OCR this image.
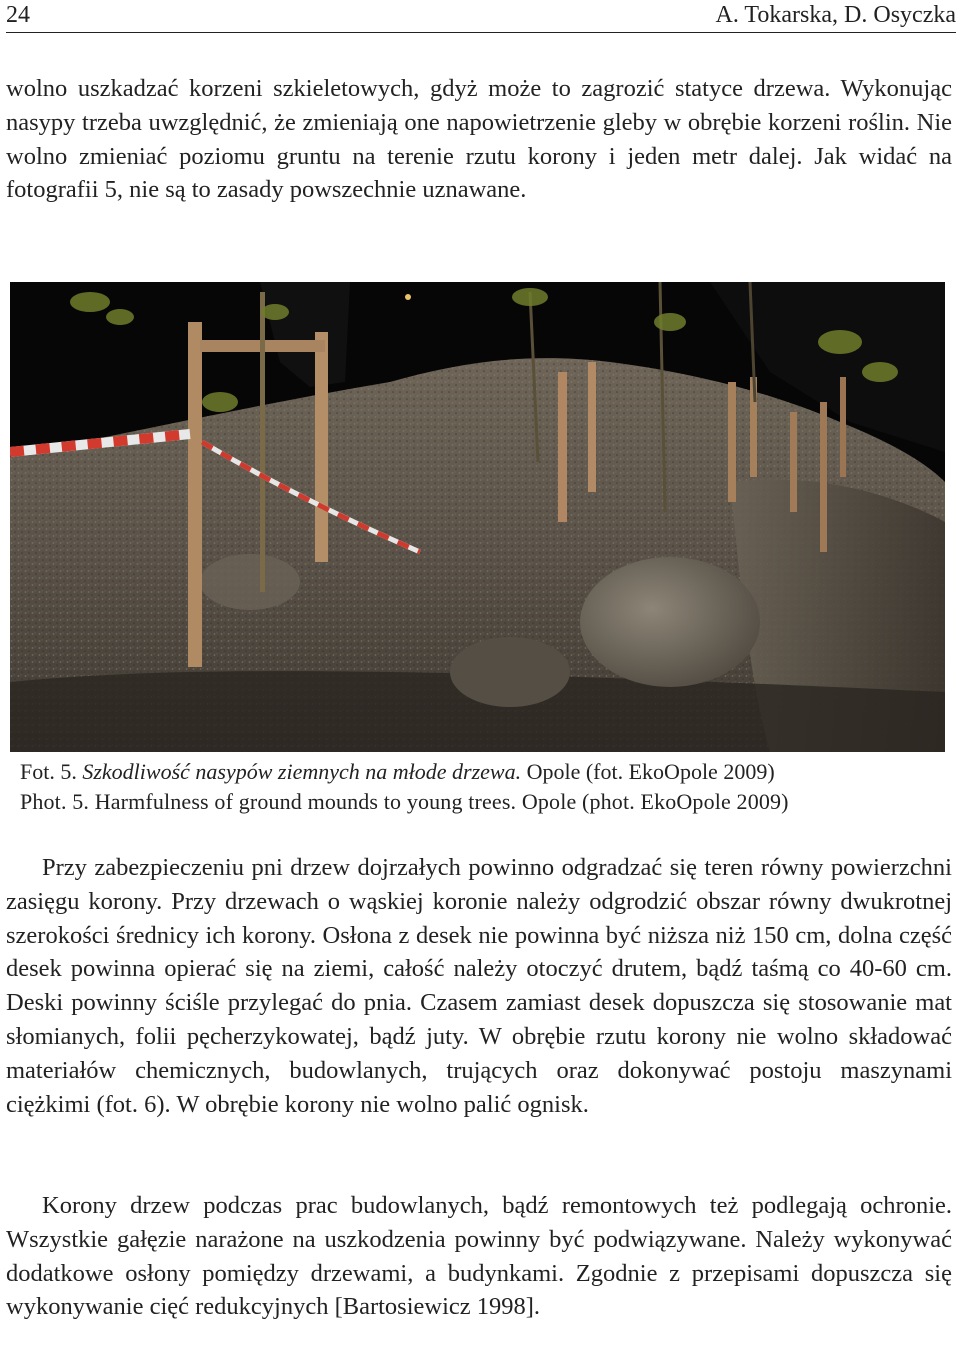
24	A. Tokarska, D. Osyczka

wolno uszkadzać korzeni szkieletowych, gdyż może to zagrozić statyce drzewa. Wykonując nasypy trzeba uwzględnić, że zmieniają one napowietrzenie gleby w obrębie korzeni roślin. Nie wolno zmieniać poziomu gruntu na terenie rzutu korony i jeden metr dalej. Jak widać na fotografii 5, nie są to zasady powszechnie uznawane.

Fot. 5. Szkodliwość nasypów ziemnych na młode drzewa. Opole (fot. EkoOpole 2009)
Phot. 5. Harmfulness of ground mounds to young trees. Opole (phot. EkoOpole 2009)

Przy zabezpieczeniu pni drzew dojrzałych powinno odgradzać się teren równy powierzchni zasięgu korony. Przy drzewach o wąskiej koronie należy odgrodzić obszar równy dwukrotnej szerokości średnicy ich korony. Osłona z desek nie powinna być niższa niż 150 cm, dolna część desek powinna opierać się na ziemi, całość należy otoczyć drutem, bądź taśmą co 40-60 cm. Deski powinny ściśle przylegać do pnia. Czasem zamiast desek dopuszcza się stosowanie mat słomianych, folii pęcherzykowatej, bądź juty. W obrębie rzutu korony nie wolno składować materiałów chemicznych, budowlanych, trujących oraz dokonywać postoju maszynami ciężkimi (fot. 6). W obrębie korony nie wolno palić ognisk.

Korony drzew podczas prac budowlanych, bądź remontowych też podlegają ochronie. Wszystkie gałęzie narażone na uszkodzenia powinny być podwiązywane. Należy wykonywać dodatkowe osłony pomiędzy drzewami, a budynkami. Zgodnie z przepisami dopuszcza się wykonywanie cięć redukcyjnych [Bartosiewicz 1998].
